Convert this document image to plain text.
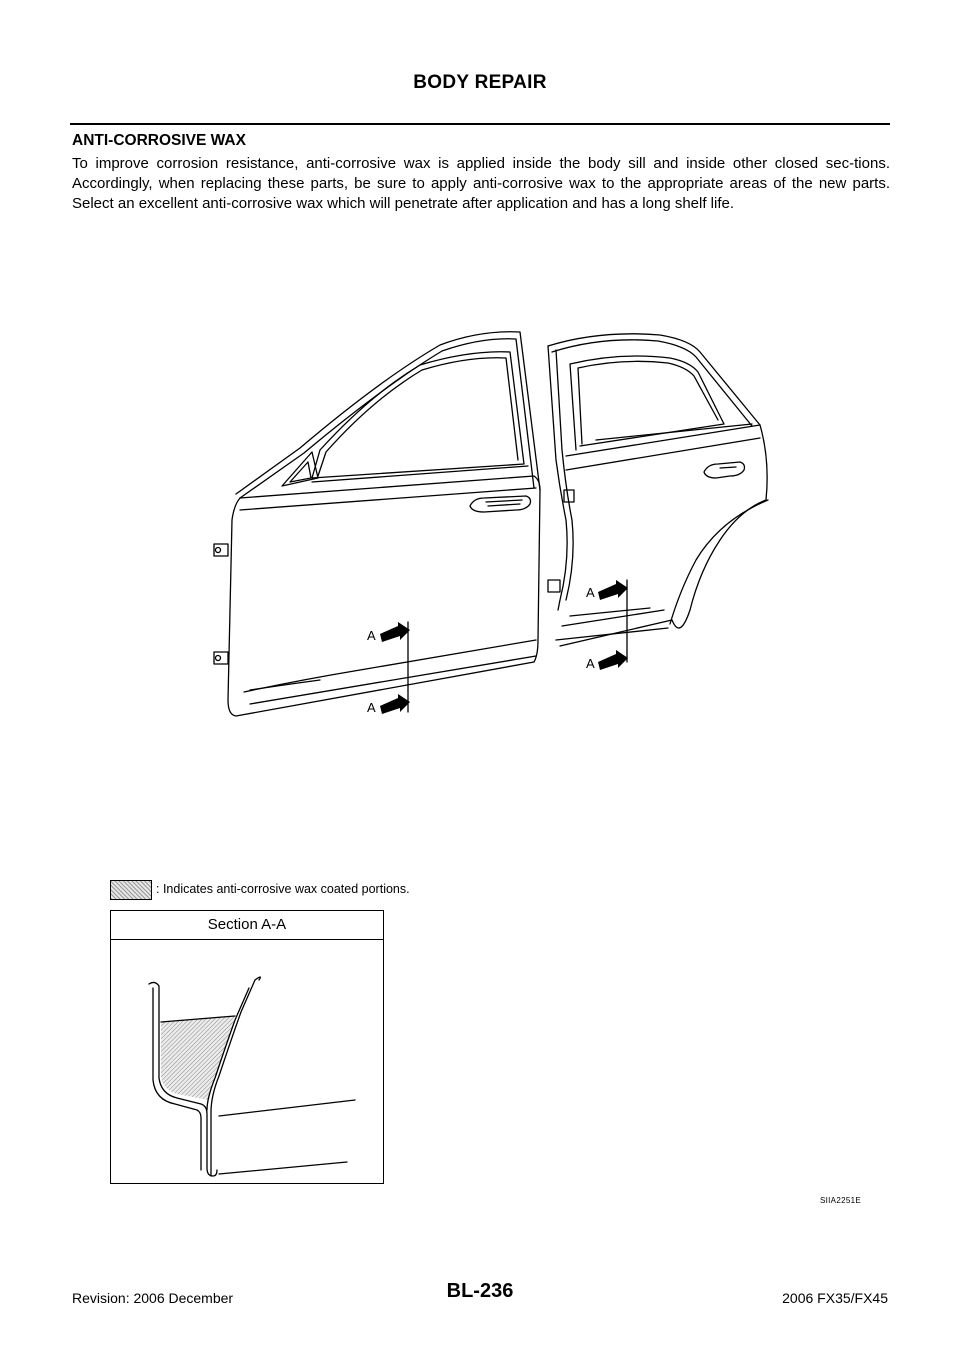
BODY REPAIR
ANTI-CORROSIVE WAX
To improve corrosion resistance, anti-corrosive wax is applied inside the body sill and inside other closed sec-tions. Accordingly, when replacing these parts, be sure to apply anti-corrosive wax to the appropriate areas of the new parts. Select an excellent anti-corrosive wax which will penetrate after application and has a long shelf life.
A
A
A
A
: Indicates anti-corrosive wax coated portions.
Section A-A
SIIA2251E
Revision: 2006 December	BL-236	2006 FX35/FX45
